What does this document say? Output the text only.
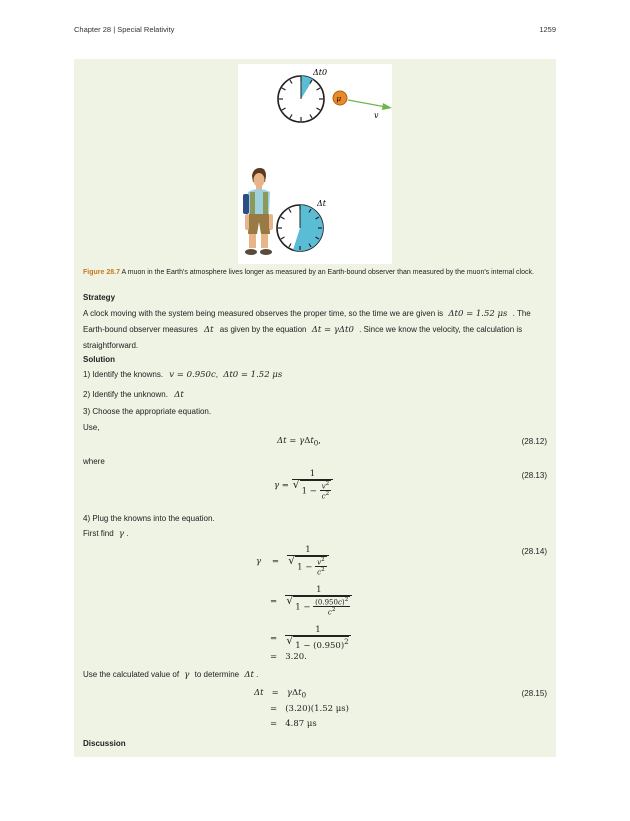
Chapter 28 | Special Relativity	1259
Δt0
μ
v
Δt
Figure 28.7 A muon in the Earth's atmosphere lives longer as measured by an Earth-bound observer than measured by the muon's internal clock.
Strategy
A clock moving with the system being measured observes the proper time, so the time we are given is Δt0 = 1.52 μs . The
Earth-bound observer measures Δt as given by the equation Δt = γΔt0 . Since we know the velocity, the calculation is
straightforward.
Solution
1) Identify the knowns. v = 0.950c, Δt0 = 1.52 μs
2) Identify the unknown. Δt
3) Choose the appropriate equation.
Use,
Δt = γΔt$_0$,	(28.12)
where
γ = 1
√ $1 - \frac{v^2}{c^2}$	(28.13)
4) Plug the knowns into the equation.
First find γ .
γ    = 1
√ $1 - \frac{v^2}{c^2}$	(28.14)
= 1
√ $1 - \frac{(0.950c)^2}{c^2}$
= 1
√ $1 - (0.950)^2$
=   3.20.
Use the calculated value of γ to determine Δt .
Δt   =   γΔt$_0$	(28.15)
=   (3.20)(1.52 μs)
=   4.87 μs
Discussion
